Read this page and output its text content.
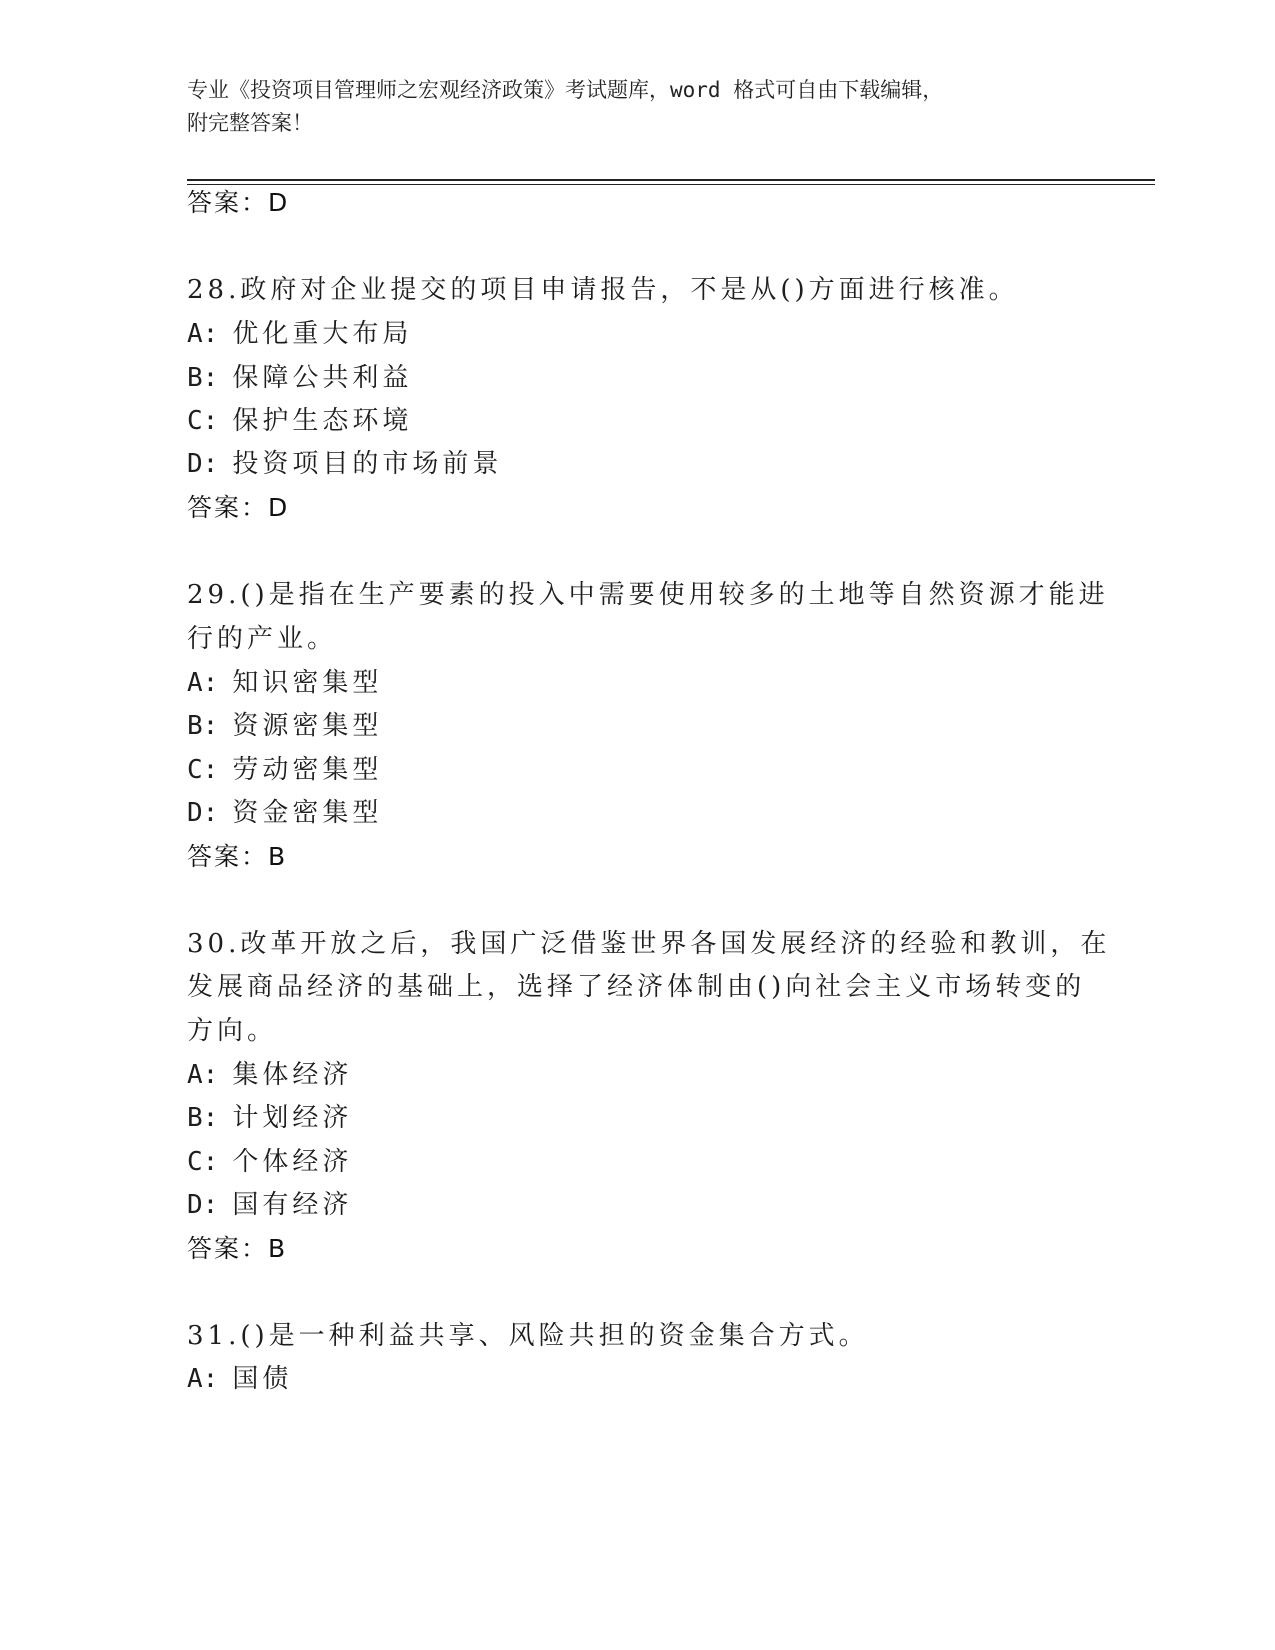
专业《投资项目管理师之宏观经济政策》考试题库，word 格式可自由下载编辑，
附完整答案！
答案：D
28.政府对企业提交的项目申请报告，不是从()方面进行核准。
A: 优化重大布局
B: 保障公共利益
C: 保护生态环境
D: 投资项目的市场前景
答案：D
29.()是指在生产要素的投入中需要使用较多的土地等自然资源才能进
行的产业。
A: 知识密集型
B: 资源密集型
C: 劳动密集型
D: 资金密集型
答案：B
30.改革开放之后，我国广泛借鉴世界各国发展经济的经验和教训，在
发展商品经济的基础上，选择了经济体制由()向社会主义市场转变的
方向。
A: 集体经济
B: 计划经济
C: 个体经济
D: 国有经济
答案：B
31.()是一种利益共享、风险共担的资金集合方式。
A: 国债
